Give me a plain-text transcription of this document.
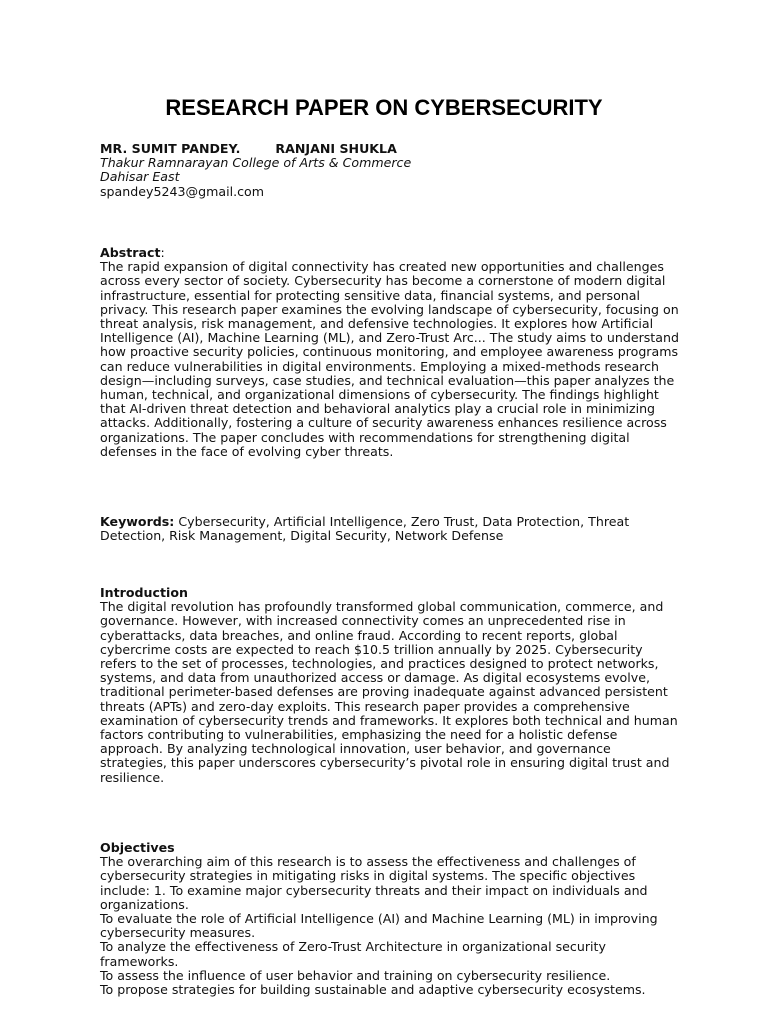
RESEARCH PAPER ON CYBERSECURITY
MR. SUMIT PANDEY.        RANJANI SHUKLA
Thakur Ramnarayan College of Arts & Commerce
Dahisar East
spandey5243@gmail.com
Abstract:

The rapid expansion of digital connectivity has created new opportunities and challenges across every sector of society. Cybersecurity has become a cornerstone of modern digital infrastructure, essential for protecting sensitive data, financial systems, and personal privacy. This research paper examines the evolving landscape of cybersecurity, focusing on threat analysis, risk management, and defensive technologies. It explores how Artificial Intelligence (AI), Machine Learning (ML), and Zero-Trust Arc... The study aims to understand how proactive security policies, continuous monitoring, and employee awareness programs can reduce vulnerabilities in digital environments. Employing a mixed-methods research design—including surveys, case studies, and technical evaluation—this paper analyzes the human, technical, and organizational dimensions of cybersecurity. The findings highlight that AI-driven threat detection and behavioral analytics play a crucial role in minimizing attacks. Additionally, fostering a culture of security awareness enhances resilience across organizations. The paper concludes with recommendations for strengthening digital defenses in the face of evolving cyber threats.

Keywords: Cybersecurity, Artificial Intelligence, Zero Trust, Data Protection, Threat Detection, Risk Management, Digital Security, Network Defense

Introduction

The digital revolution has profoundly transformed global communication, commerce, and governance. However, with increased connectivity comes an unprecedented rise in cyberattacks, data breaches, and online fraud. According to recent reports, global cybercrime costs are expected to reach $10.5 trillion annually by 2025. Cybersecurity refers to the set of processes, technologies, and practices designed to protect networks, systems, and data from unauthorized access or damage. As digital ecosystems evolve, traditional perimeter-based defenses are proving inadequate against advanced persistent threats (APTs) and zero-day exploits. This research paper provides a comprehensive examination of cybersecurity trends and frameworks. It explores both technical and human factors contributing to vulnerabilities, emphasizing the need for a holistic defense approach. By analyzing technological innovation, user behavior, and governance strategies, this paper underscores cybersecurity’s pivotal role in ensuring digital trust and resilience.

Objectives

The overarching aim of this research is to assess the effectiveness and challenges of cybersecurity strategies in mitigating risks in digital systems. The specific objectives include: 1. To examine major cybersecurity threats and their impact on individuals and organizations.

To evaluate the role of Artificial Intelligence (AI) and Machine Learning (ML) in improving cybersecurity measures.

To analyze the effectiveness of Zero-Trust Architecture in organizational security frameworks.

To assess the influence of user behavior and training on cybersecurity resilience.

To propose strategies for building sustainable and adaptive cybersecurity ecosystems.
